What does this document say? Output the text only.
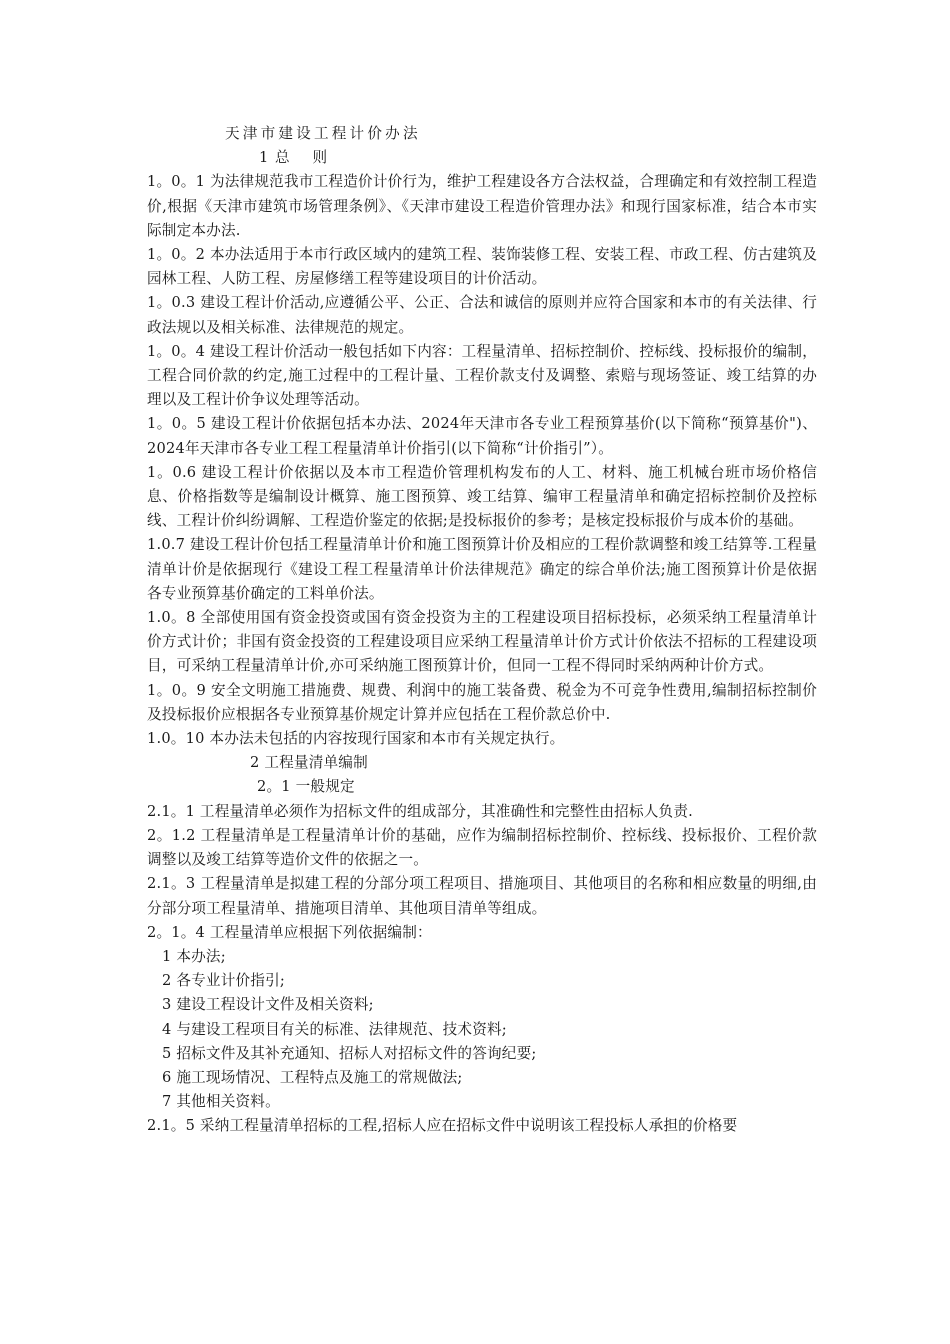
天津市建设工程计价办法
1 总 则

1。0。1 为法律规范我市工程造价计价行为，维护工程建设各方合法权益，合理确定和有效控制工程造价,根据《天津市建筑市场管理条例》、《天津市建设工程造价管理办法》和现行国家标准，结合本市实际制定本办法.

1。0。2 本办法适用于本市行政区域内的建筑工程、装饰装修工程、安装工程、市政工程、仿古建筑及园林工程、人防工程、房屋修缮工程等建设项目的计价活动。

1。0.3 建设工程计价活动,应遵循公平、公正、合法和诚信的原则并应符合国家和本市的有关法律、行政法规以及相关标准、法律规范的规定。

1。0。4 建设工程计价活动一般包括如下内容：工程量清单、招标控制价、控标线、投标报价的编制，工程合同价款的约定,施工过程中的工程计量、工程价款支付及调整、索赔与现场签证、竣工结算的办理以及工程计价争议处理等活动。

1。0。5 建设工程计价依据包括本办法、2024年天津市各专业工程预算基价(以下简称“预算基价")、2024年天津市各专业工程工程量清单计价指引(以下简称“计价指引”）。

1。0.6 建设工程计价依据以及本市工程造价管理机构发布的人工、材料、施工机械台班市场价格信息、价格指数等是编制设计概算、施工图预算、竣工结算、编审工程量清单和确定招标控制价及控标线、工程计价纠纷调解、工程造价鉴定的依据;是投标报价的参考；是核定投标报价与成本价的基础。

1.0.7 建设工程计价包括工程量清单计价和施工图预算计价及相应的工程价款调整和竣工结算等.工程量清单计价是依据现行《建设工程工程量清单计价法律规范》确定的综合单价法;施工图预算计价是依据各专业预算基价确定的工料单价法。

1.0。8 全部使用国有资金投资或国有资金投资为主的工程建设项目招标投标，必须采纳工程量清单计价方式计价；非国有资金投资的工程建设项目应采纳工程量清单计价方式计价依法不招标的工程建设项目，可采纳工程量清单计价,亦可采纳施工图预算计价，但同一工程不得同时采纳两种计价方式。

1。0。9 安全文明施工措施费、规费、利润中的施工装备费、税金为不可竞争性费用,编制招标控制价及投标报价应根据各专业预算基价规定计算并应包括在工程价款总价中.

1.0。10 本办法未包括的内容按现行国家和本市有关规定执行。

2 工程量清单编制
2。1 一般规定

2.1。1 工程量清单必须作为招标文件的组成部分，其准确性和完整性由招标人负责.

2。1.2 工程量清单是工程量清单计价的基础，应作为编制招标控制价、控标线、投标报价、工程价款调整以及竣工结算等造价文件的依据之一。

2.1。3 工程量清单是拟建工程的分部分项工程项目、措施项目、其他项目的名称和相应数量的明细,由分部分项工程量清单、措施项目清单、其他项目清单等组成。

2。1。4 工程量清单应根据下列依据编制：

1 本办法;

2 各专业计价指引;

3 建设工程设计文件及相关资料;

4 与建设工程项目有关的标准、法律规范、技术资料;

5 招标文件及其补充通知、招标人对招标文件的答询纪要;

6 施工现场情况、工程特点及施工的常规做法;

7 其他相关资料。

2.1。5 采纳工程量清单招标的工程,招标人应在招标文件中说明该工程投标人承担的价格要
